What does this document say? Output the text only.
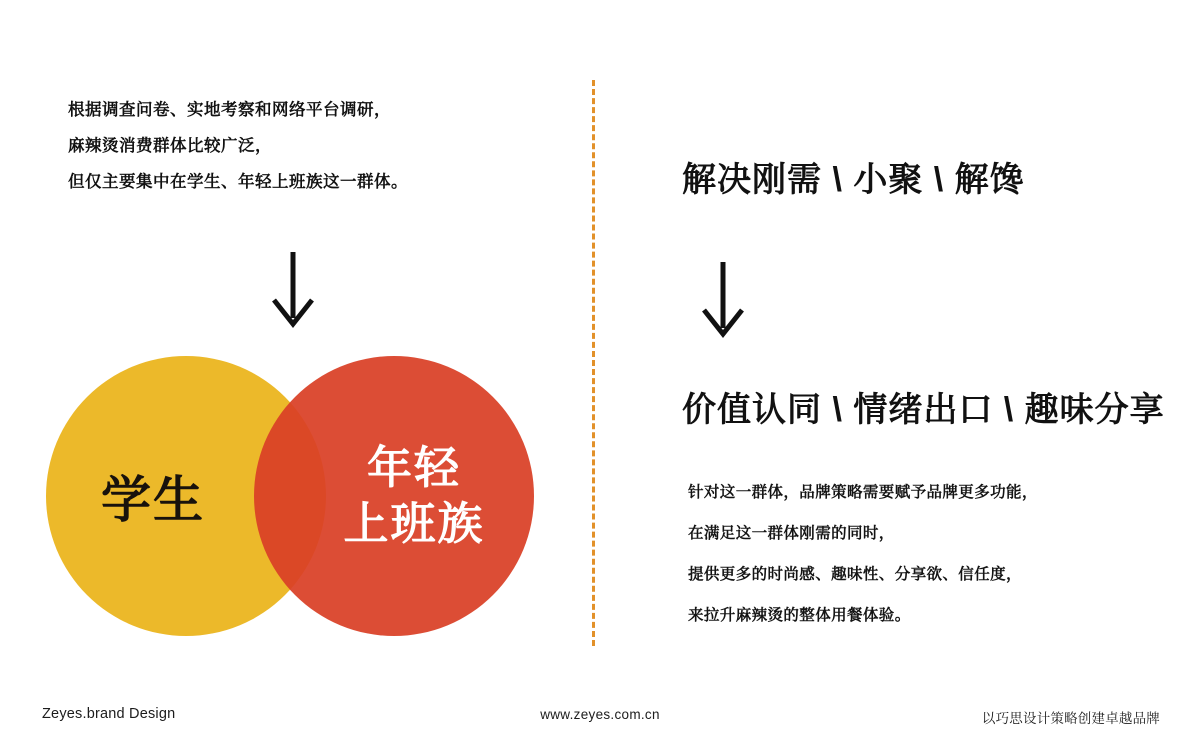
根据调查问卷、实地考察和网络平台调研，
麻辣烫消费群体比较广泛，
但仅主要集中在学生、年轻上班族这一群体。
学生
年轻
上班族
解决刚需 \ 小聚 \ 解馋
价值认同 \ 情绪出口 \ 趣味分享
针对这一群体，品牌策略需要赋予品牌更多功能，
在满足这一群体刚需的同时，
提供更多的时尚感、趣味性、分享欲、信任度，
来拉升麻辣烫的整体用餐体验。
Zeyes.brand Design	www.zeyes.com.cn	以巧思设计策略创建卓越品牌
